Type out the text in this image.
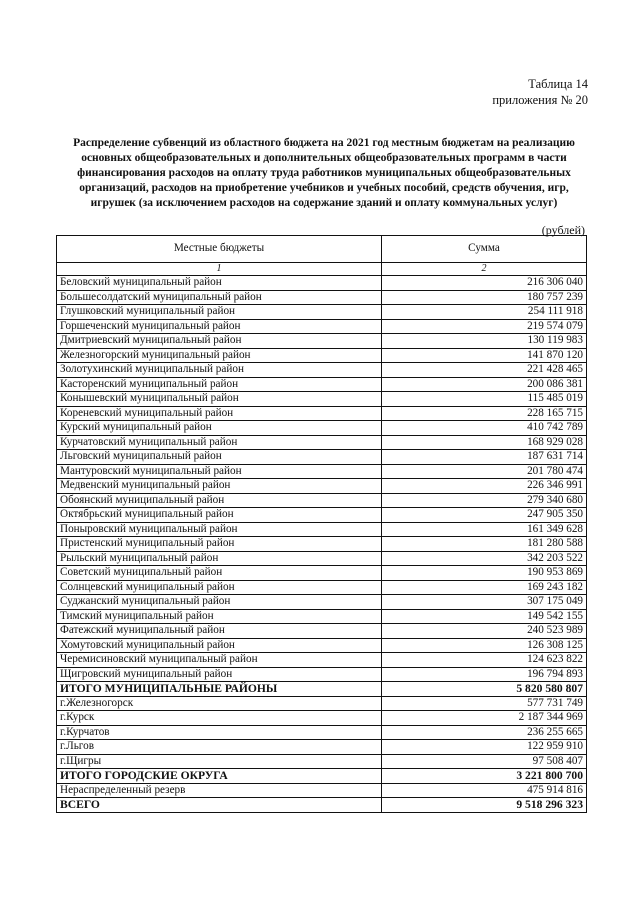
Таблица 14
приложения № 20
Распределение субвенций из областного бюджета на 2021 год местным бюджетам на реализацию основных общеобразовательных и дополнительных общеобразовательных программ в части финансирования расходов на оплату труда работников муниципальных общеобразовательных организаций, расходов на приобретение учебников и учебных пособий, средств обучения, игр, игрушек (за исключением расходов на содержание зданий и оплату коммунальных услуг)
(рублей)
Местные бюджеты	Сумма
1	2
Беловский муниципальный район	216 306 040
Большесолдатский муниципальный район	180 757 239
Глушковский муниципальный район	254 111 918
Горшеченский муниципальный район	219 574 079
Дмитриевский муниципальный район	130 119 983
Железногорский муниципальный район	141 870 120
Золотухинский муниципальный район	221 428 465
Касторенский муниципальный район	200 086 381
Конышевский муниципальный район	115 485 019
Кореневский муниципальный район	228 165 715
Курский муниципальный район	410 742 789
Курчатовский муниципальный район	168 929 028
Льговский муниципальный район	187 631 714
Мантуровский муниципальный район	201 780 474
Медвенский муниципальный район	226 346 991
Обоянский муниципальный район	279 340 680
Октябрьский муниципальный район	247 905 350
Поныровский муниципальный район	161 349 628
Пристенский муниципальный район	181 280 588
Рыльский муниципальный район	342 203 522
Советский муниципальный район	190 953 869
Солнцевский муниципальный район	169 243 182
Суджанский муниципальный район	307 175 049
Тимский муниципальный район	149 542 155
Фатежский муниципальный район	240 523 989
Хомутовский муниципальный район	126 308 125
Черемисиновский муниципальный район	124 623 822
Щигровский муниципальный район	196 794 893
ИТОГО МУНИЦИПАЛЬНЫЕ РАЙОНЫ	5 820 580 807
г.Железногорск	577 731 749
г.Курск	2 187 344 969
г.Курчатов	236 255 665
г.Льгов	122 959 910
г.Щигры	97 508 407
ИТОГО ГОРОДСКИЕ ОКРУГА	3 221 800 700
Нераспределенный резерв	475 914 816
ВСЕГО	9 518 296 323
